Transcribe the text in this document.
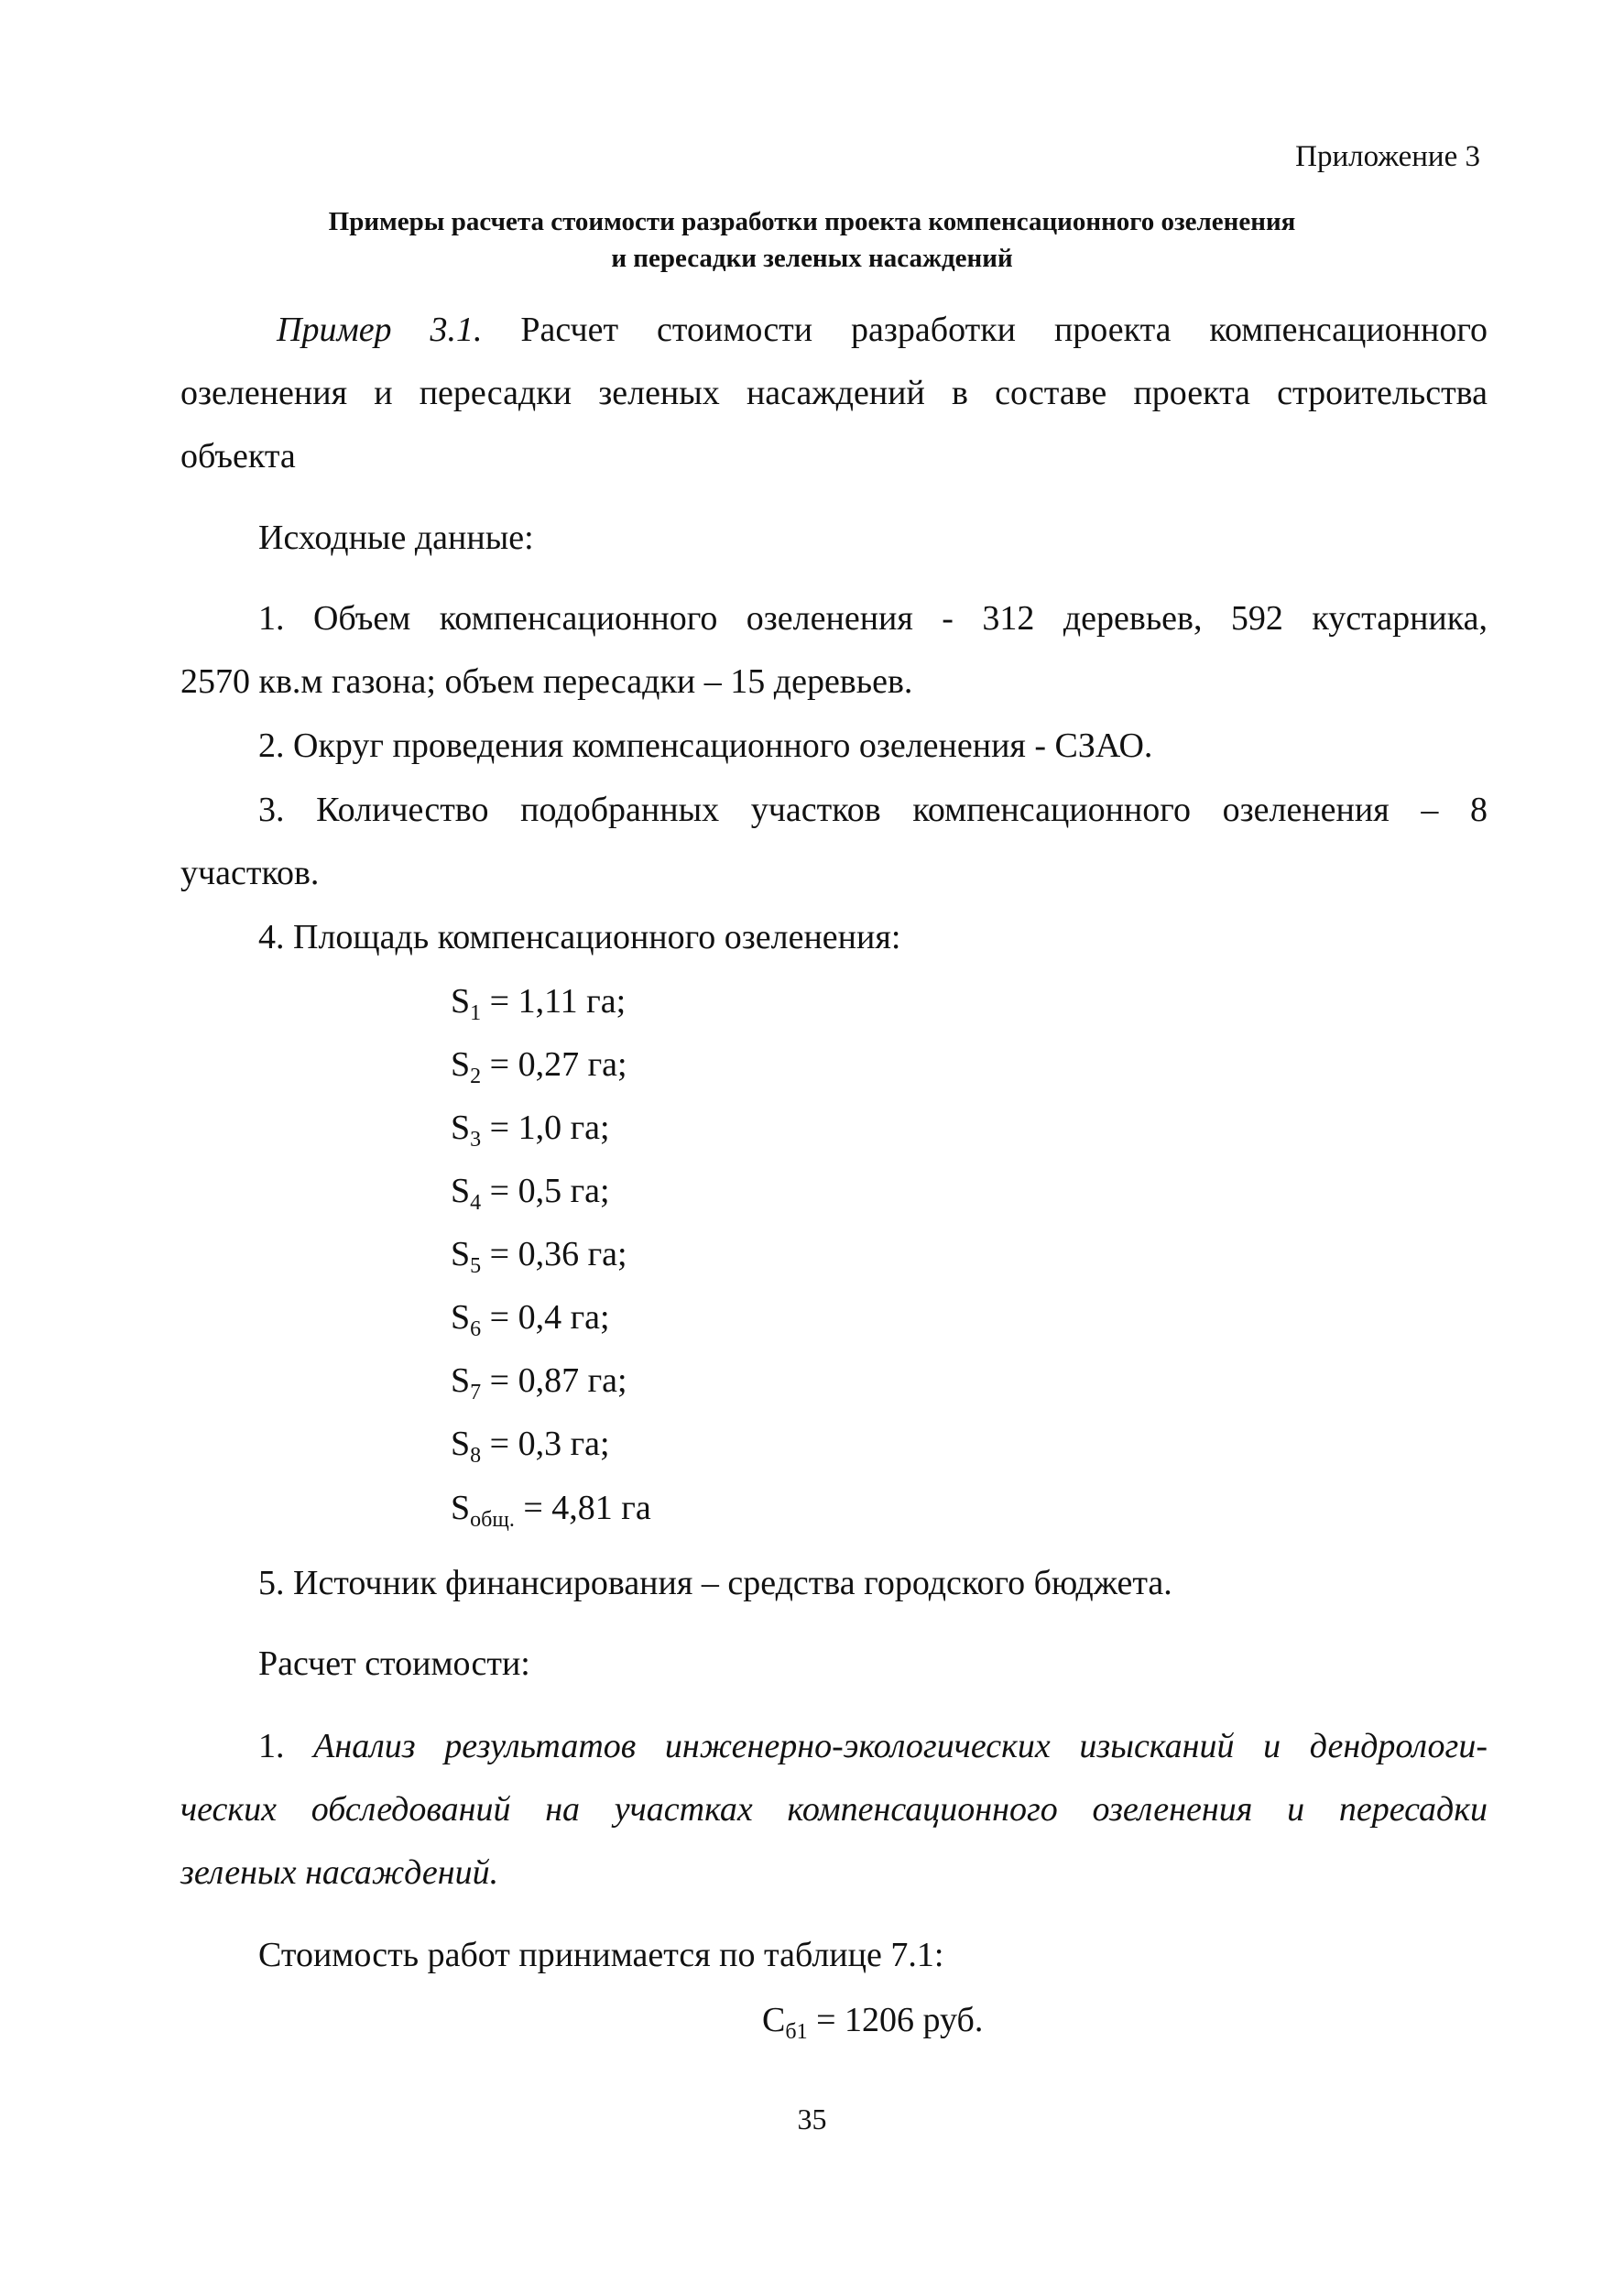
Приложение 3
Примеры расчета стоимости разработки проекта компенсационного озеленения
и пересадки зеленых насаждений
Пример 3.1. Расчет стоимости разработки проекта компенсационного
озеленения и пересадки зеленых насаждений в составе проекта строительства
объекта
Исходные данные:
1. Объем компенсационного озеленения - 312 деревьев, 592 кустарника,
2570 кв.м газона; объем пересадки – 15 деревьев.
2. Округ проведения компенсационного озеленения - СЗАО.
3. Количество подобранных участков компенсационного озеленения – 8
участков.
4. Площадь компенсационного озеленения:
$S_1 = 1,11$ га;
$S_2 = 0,27$ га;
$S_3 = 1,0$ га;
$S_4 = 0,5$ га;
$S_5 = 0,36$ га;
$S_6 = 0,4$ га;
$S_7 = 0,87$ га;
$S_8 = 0,3$ га;
$S_{общ.} = 4,81$ га
5. Источник финансирования – средства городского бюджета.
Расчет стоимости:
1. Анализ результатов инженерно-экологических изысканий и дендрологи-
ческих обследований на участках компенсационного озеленения и пересадки
зеленых насаждений.
Стоимость работ принимается по таблице 7.1:
$С_{б1} = 1206$ руб.
35
